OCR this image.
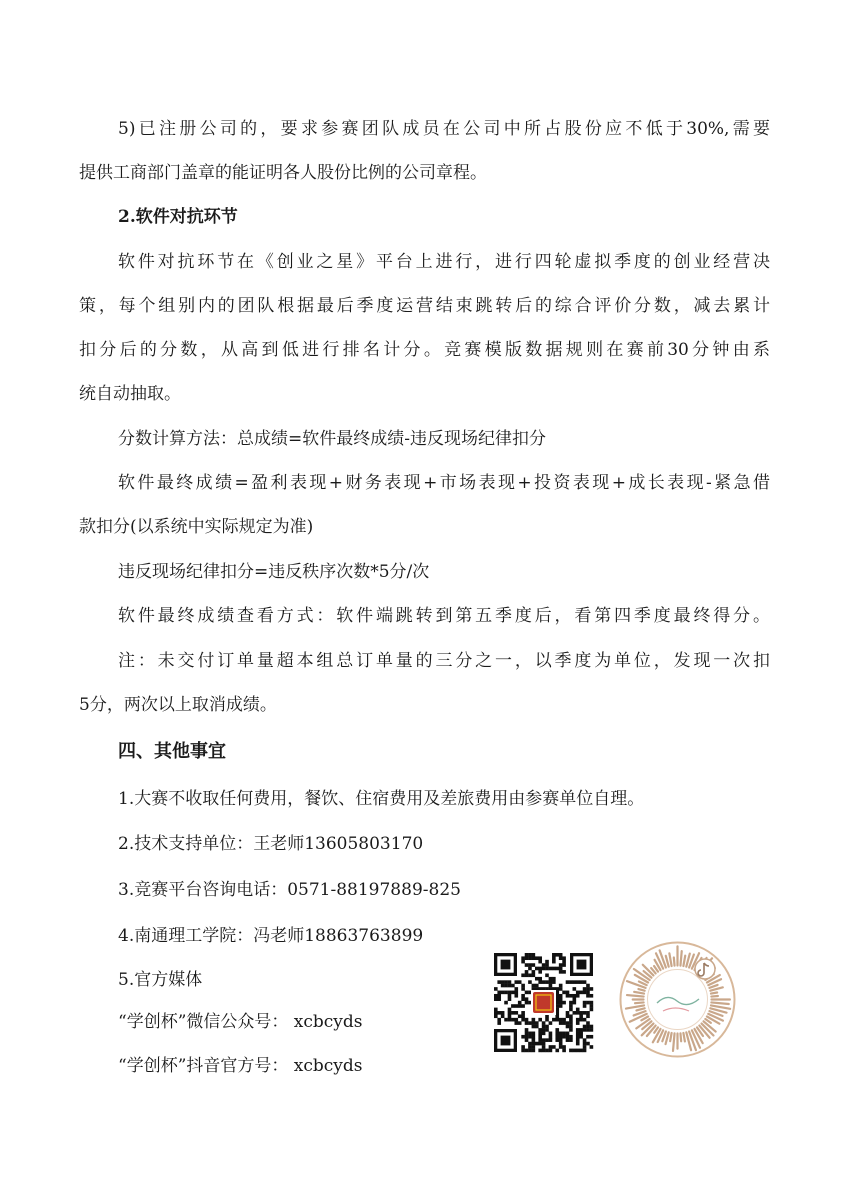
5)已注册公司的，要求参赛团队成员在公司中所占股份应不低于30%,需要
提供工商部门盖章的能证明各人股份比例的公司章程。
2.软件对抗环节
软件对抗环节在《创业之星》平台上进行，进行四轮虚拟季度的创业经营决
策，每个组别内的团队根据最后季度运营结束跳转后的综合评价分数，减去累计
扣分后的分数，从高到低进行排名计分。竞赛模版数据规则在赛前30分钟由系
统自动抽取。
分数计算方法：总成绩=软件最终成绩-违反现场纪律扣分
软件最终成绩=盈利表现+财务表现+市场表现+投资表现+成长表现-紧急借
款扣分(以系统中实际规定为准)
违反现场纪律扣分=违反秩序次数*5分/次
软件最终成绩查看方式：软件端跳转到第五季度后，看第四季度最终得分。
注：未交付订单量超本组总订单量的三分之一，以季度为单位，发现一次扣
5分，两次以上取消成绩。
四、其他事宜
1.大赛不收取任何费用，餐饮、住宿费用及差旅费用由参赛单位自理。
2.技术支持单位：王老师13605803170
3.竞赛平台咨询电话：0571-88197889-825
4.南通理工学院：冯老师18863763899
5.官方媒体
“学创杯”微信公众号： xcbcyds
“学创杯”抖音官方号： xcbcyds
